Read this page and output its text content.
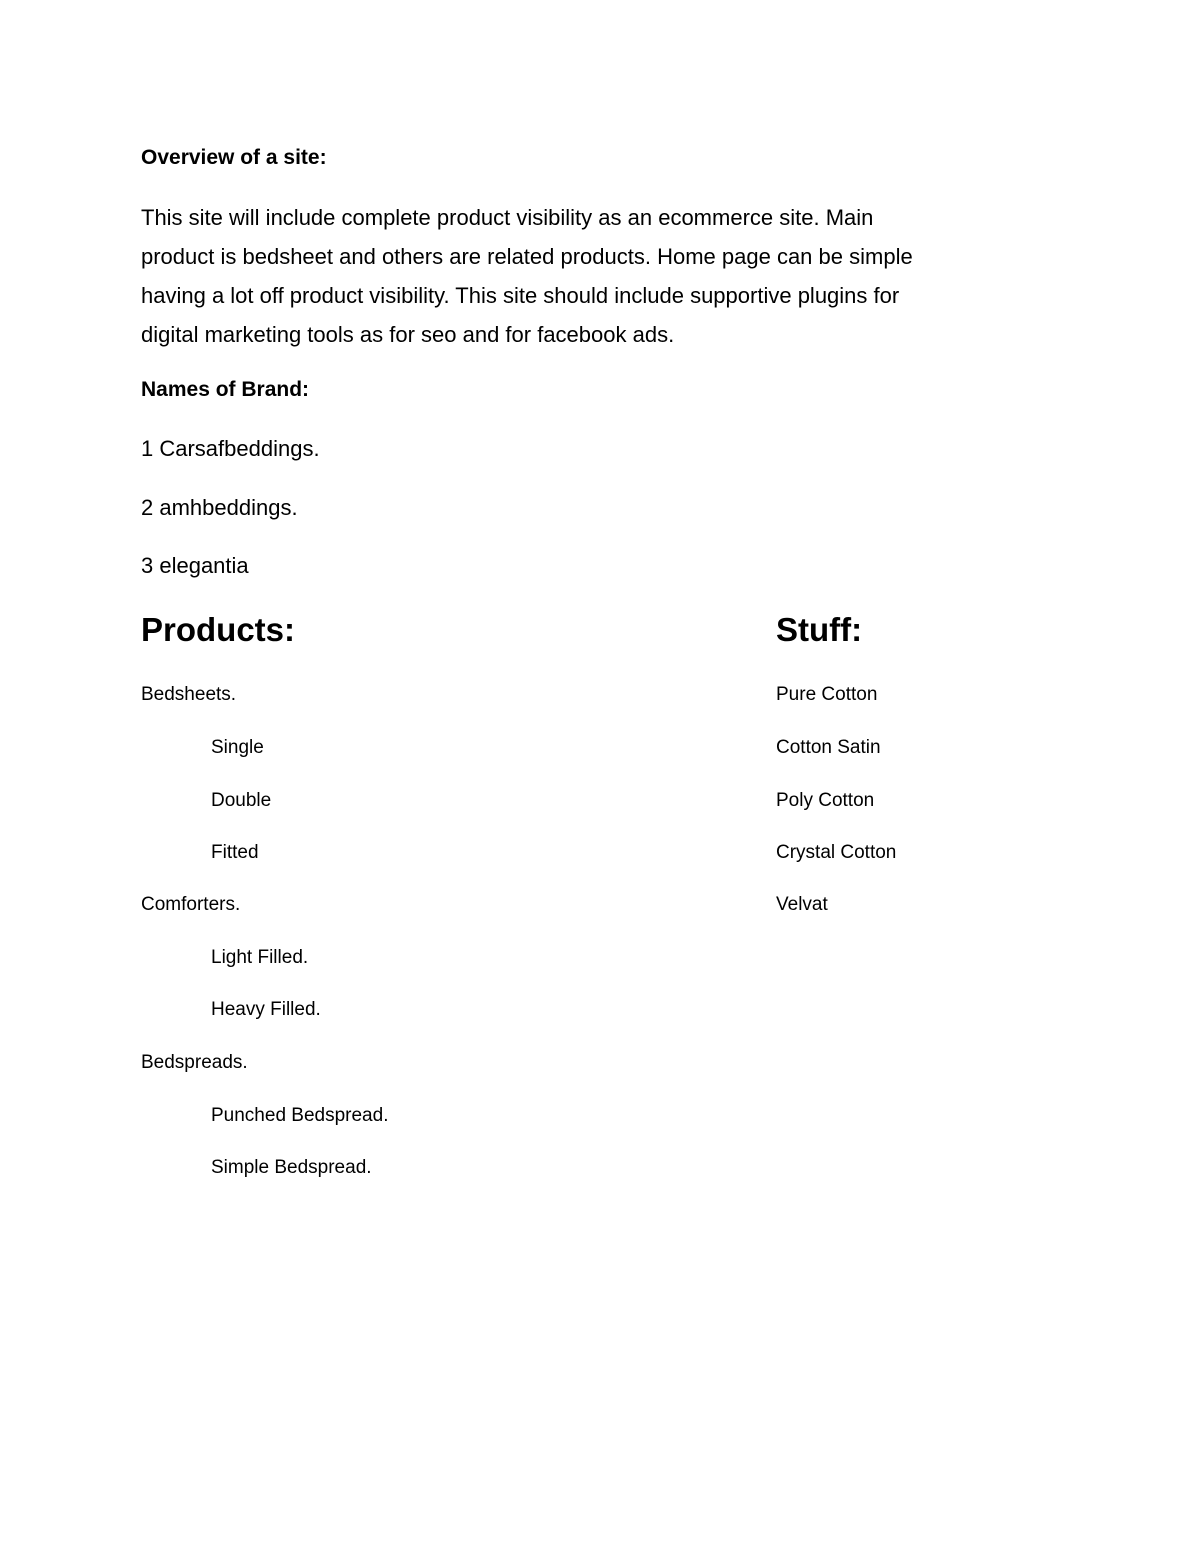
Overview of a site:
This site will include complete product visibility as an ecommerce site. Main
product is bedsheet and others are related products. Home page can be simple
having a lot off product visibility. This site should include supportive plugins for
digital marketing tools as for seo and for facebook ads.
Names of Brand:
1 Carsafbeddings.
2 amhbeddings.
3 elegantia
Products:
Bedsheets.
Single
Double
Fitted
Comforters.
Light Filled.
Heavy Filled.
Bedspreads.
Punched Bedspread.
Simple Bedspread.
Stuff:
Pure Cotton
Cotton Satin
Poly Cotton
Crystal Cotton
Velvat
